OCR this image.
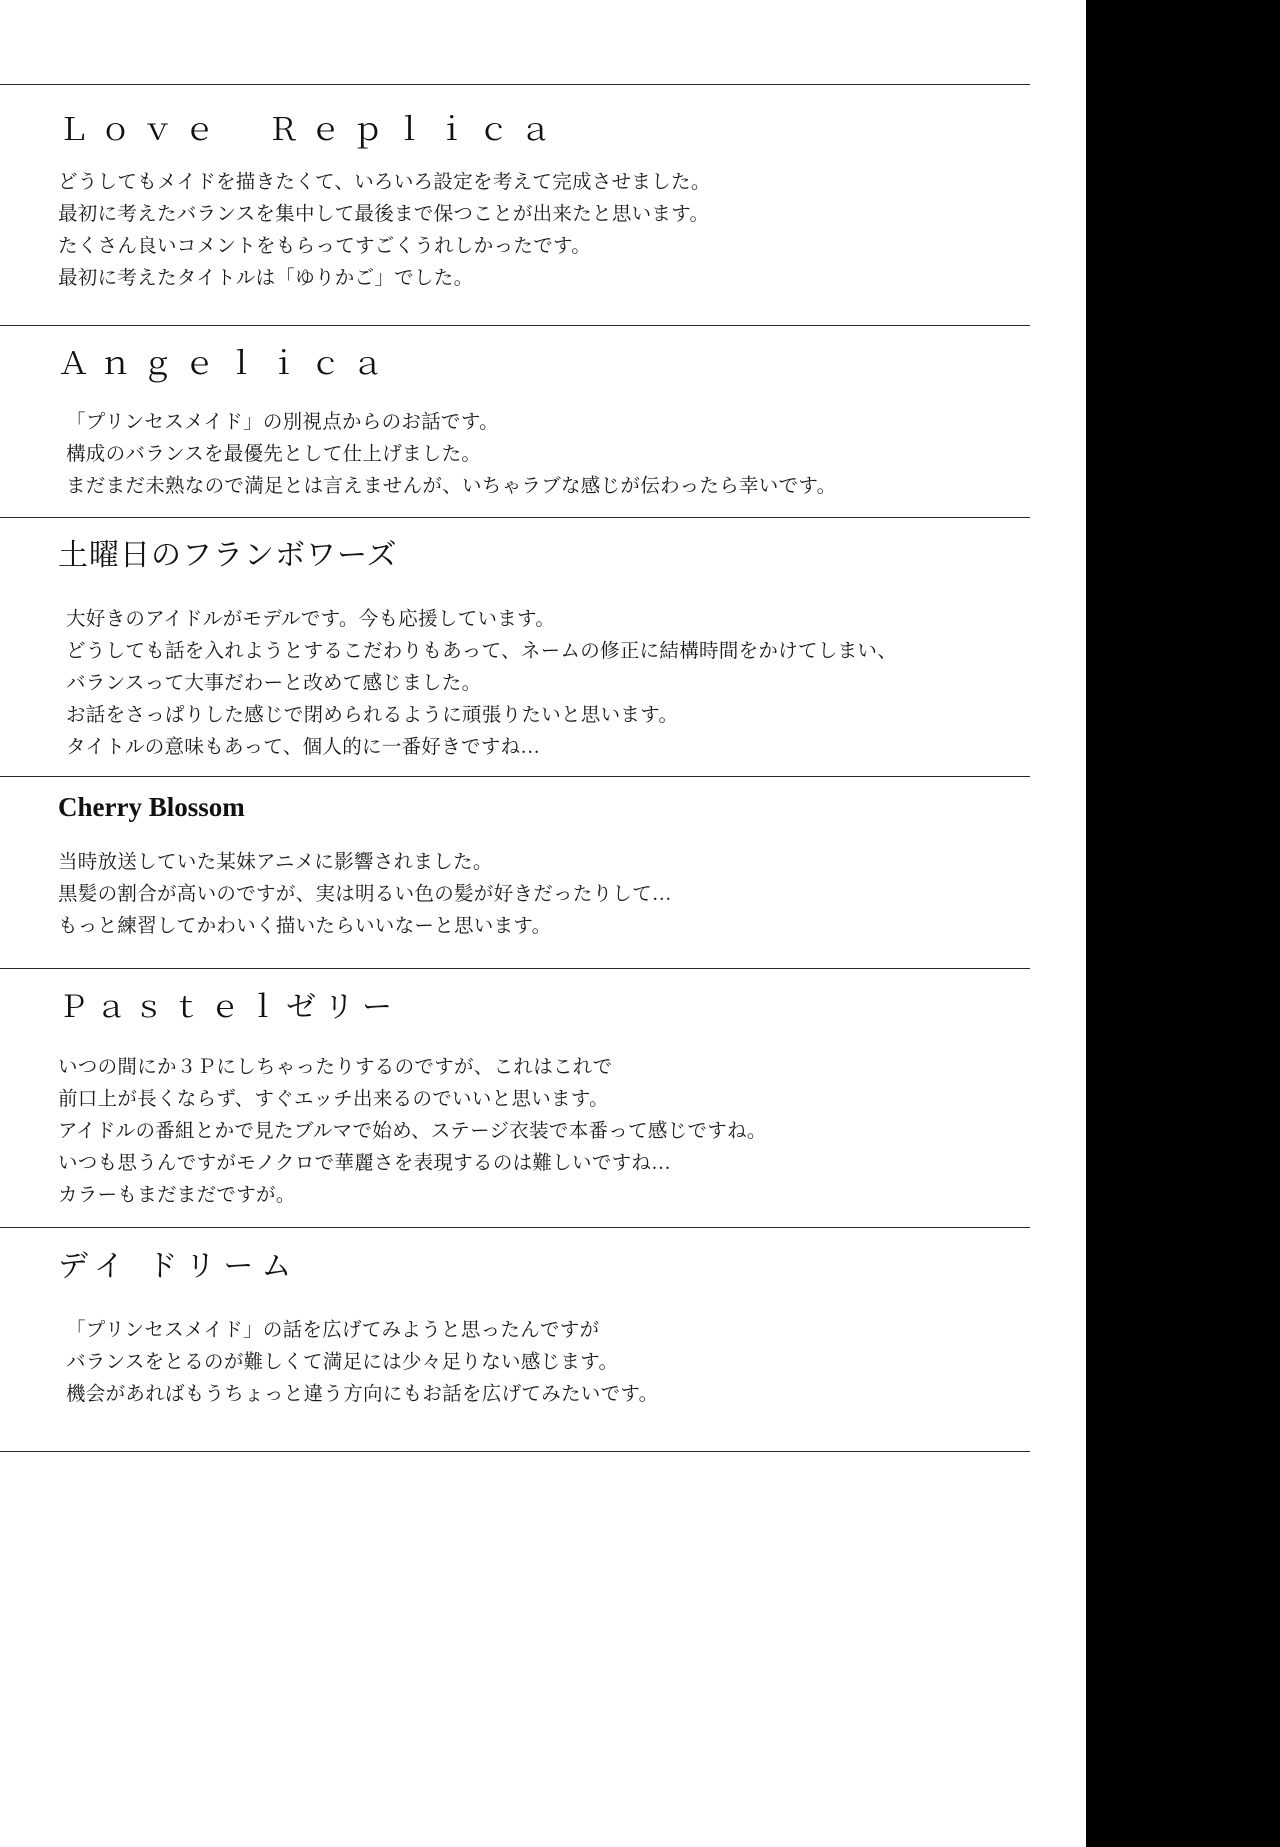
Ｌｏｖｅ　Ｒｅｐｌｉｃａ
どうしてもメイドを描きたくて、いろいろ設定を考えて完成させました。
最初に考えたバランスを集中して最後まで保つことが出来たと思います。
たくさん良いコメントをもらってすごくうれしかったです。
最初に考えたタイトルは「ゆりかご」でした。
Ａｎｇｅｌｉｃａ
「プリンセスメイド」の別視点からのお話です。
構成のバランスを最優先として仕上げました。
まだまだ未熟なので満足とは言えませんが、いちゃラブな感じが伝わったら幸いです。
土曜日のフランボワーズ
大好きのアイドルがモデルです。今も応援しています。
どうしても話を入れようとするこだわりもあって、ネームの修正に結構時間をかけてしまい、
バランスって大事だわーと改めて感じました。
お話をさっぱりした感じで閉められるように頑張りたいと思います。
タイトルの意味もあって、個人的に一番好きですね…
Cherry Blossom
当時放送していた某妹アニメに影響されました。
黒髪の割合が高いのですが、実は明るい色の髪が好きだったりして…
もっと練習してかわいく描いたらいいなーと思います。
Ｐａｓｔｅｌゼリー
いつの間にか３Ｐにしちゃったりするのですが、これはこれで
前口上が長くならず、すぐエッチ出来るのでいいと思います。
アイドルの番組とかで見たブルマで始め、ステージ衣装で本番って感じですね。
いつも思うんですがモノクロで華麗さを表現するのは難しいですね…
カラーもまだまだですが。
デイ ドリーム
「プリンセスメイド」の話を広げてみようと思ったんですが
バランスをとるのが難しくて満足には少々足りない感じます。
機会があればもうちょっと違う方向にもお話を広げてみたいです。
